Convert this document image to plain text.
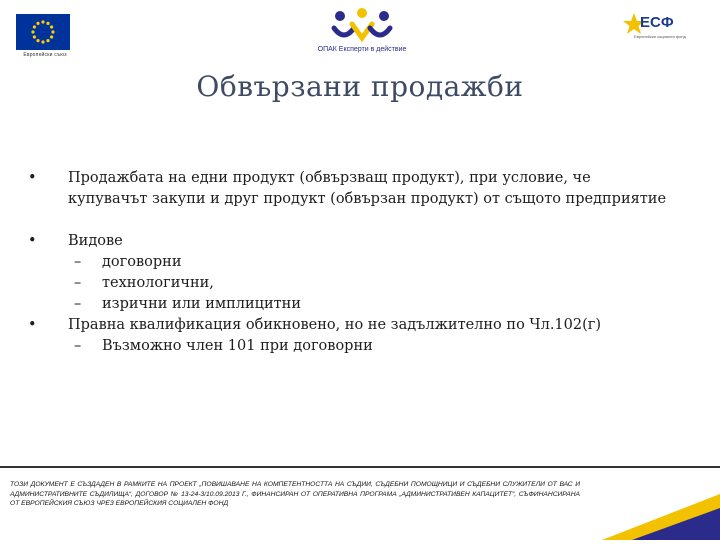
Европейски съюз
ОПАК Експерти в действие
ЕСФ
Европейски социален фонд
Обвързани продажби
• Продажбата на едни продукт (обвързващ продукт), при условие, че купувачът закупи и друг продукт (обвързан продукт) от същото предприятие
• Видове
– договорни
– технологични,
– изрични или имплицитни
• Правна квалификация обикновено, но не задължително по Чл.102(г)
– Възможно член 101 при договорни
ТОЗИ ДОКУМЕНТ Е СЪЗДАДЕН В РАМКИТЕ НА ПРОЕКТ „ПОВИШАВАНЕ НА КОМПЕТЕНТНОСТТА НА СЪДИИ, СЪДЕБНИ ПОМОЩНИЦИ И СЪДЕБНИ СЛУЖИТЕЛИ ОТ ВАС И АДМИНИСТРАТИВНИТЕ СЪДИЛИЩА“, ДОГОВОР № 13-24-3/10.09.2013 Г., ФИНАНСИРАН ОТ ОПЕРАТИВНА ПРОГРАМА „АДМИНИСТРАТИВЕН КАПАЦИТЕТ“, СЪФИНАНСИРАНА ОТ ЕВРОПЕЙСКИЯ СЪЮЗ ЧРЕЗ ЕВРОПЕЙСКИЯ СОЦИАЛЕН ФОНД
